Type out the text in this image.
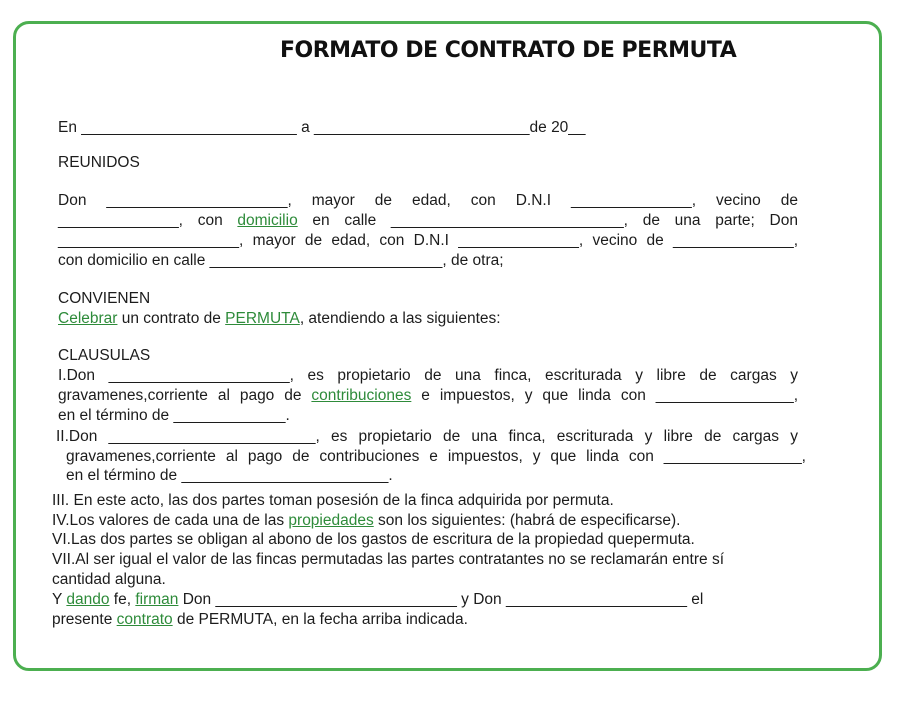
FORMATO DE CONTRATO DE PERMUTA
En _________________________ a _________________________de 20__
REUNIDOS
Don _____________________, mayor de edad, con D.N.I ______________, vecino de
______________, con domicilio en calle ___________________________, de una parte; Don
_____________________, mayor de edad, con D.N.I ______________, vecino de ______________,
con domicilio en calle ___________________________, de otra;
CONVIENEN
Celebrar un contrato de PERMUTA, atendiendo a las siguientes:
CLAUSULAS
I.Don _____________________, es propietario de una finca, escriturada y libre de cargas y
gravamenes,corriente al pago de contribuciones e impuestos, y que linda con ________________,
en el término de _____________.
II.Don ________________________, es propietario de una finca, escriturada y libre de cargas y
gravamenes,corriente al pago de contribuciones e impuestos, y que linda con ________________,
en el término de ________________________.
III. En este acto, las dos partes toman posesión de la finca adquirida por permuta.
IV.Los valores de cada una de las propiedades son los siguientes: (habrá de especificarse).
VI.Las dos partes se obligan al abono de los gastos de escritura de la propiedad quepermuta.
VII.Al ser igual el valor de las fincas permutadas las partes contratantes no se reclamarán entre sí
cantidad alguna.
Y dando fe, firman Don ____________________________ y Don _____________________ el
presente contrato de PERMUTA, en la fecha arriba indicada.
